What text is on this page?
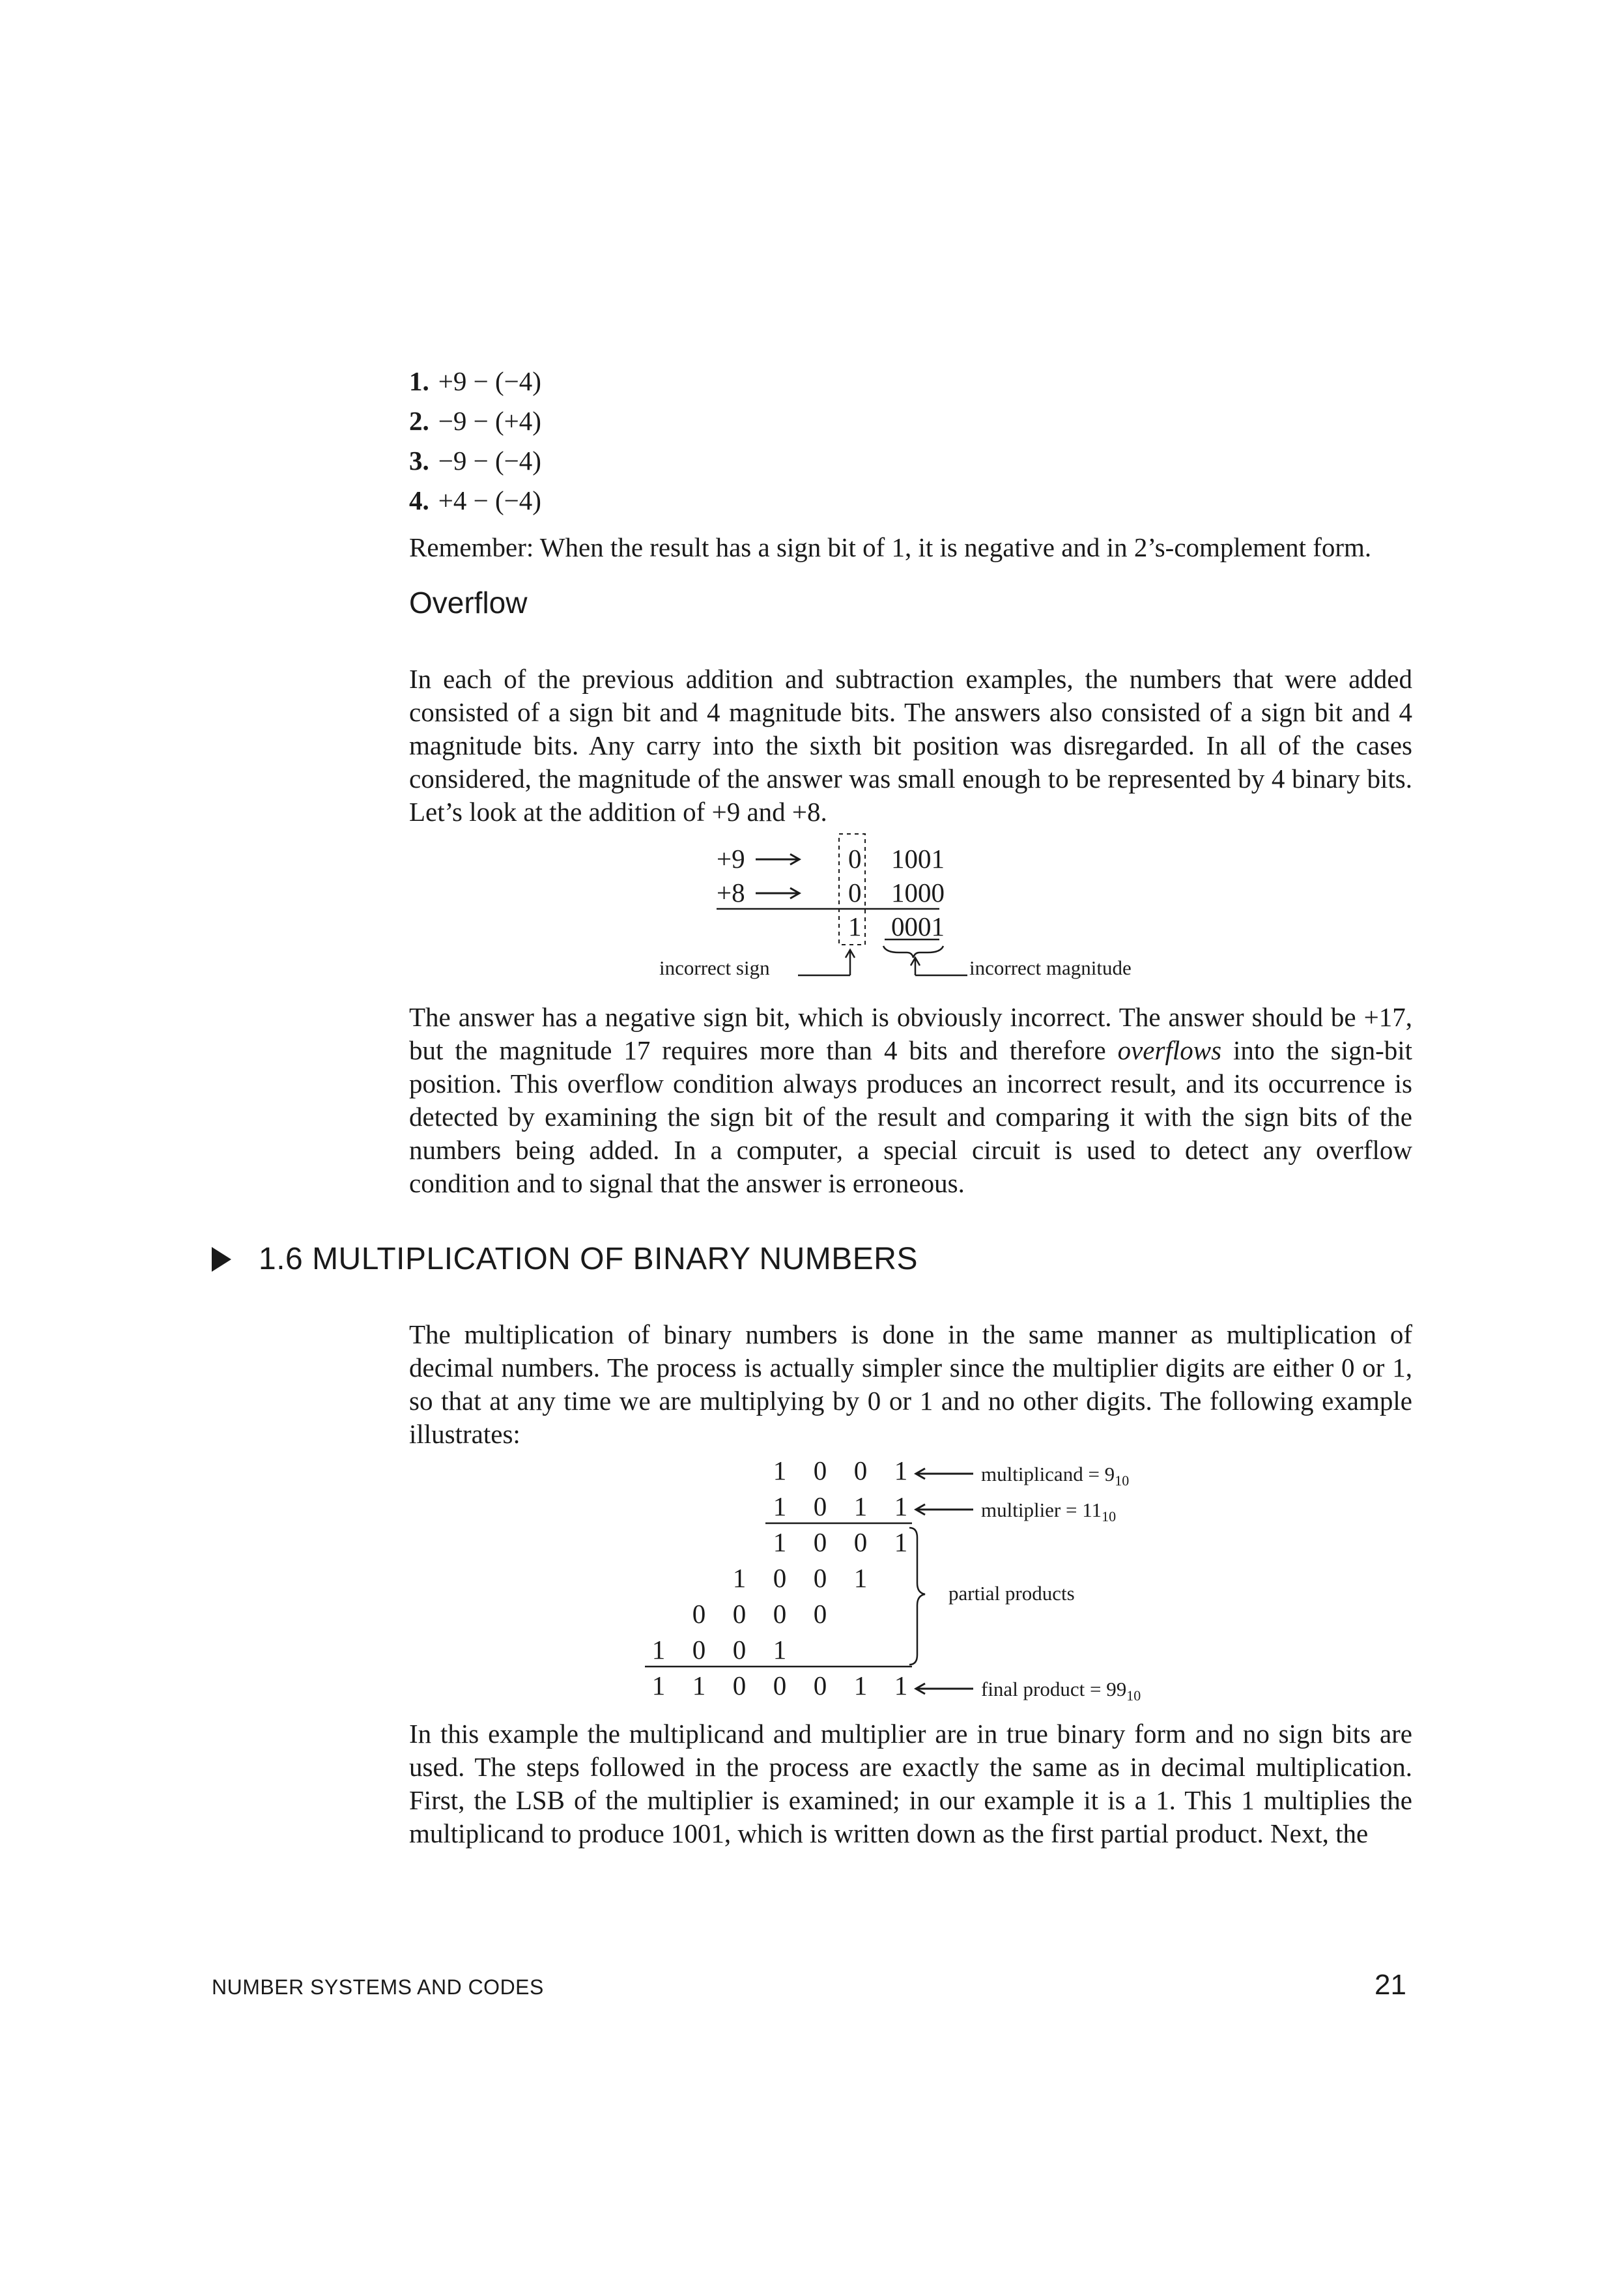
1. +9 − (−4)
2. −9 − (+4)
3. −9 − (−4)
4. +4 − (−4)
Remember: When the result has a sign bit of 1, it is negative and in 2’s-complement form.
Overflow
In each of the previous addition and subtraction examples, the numbers that were added consisted of a sign bit and 4 magnitude bits. The answers also consisted of a sign bit and 4 magnitude bits. Any carry into the sixth bit position was disregarded. In all of the cases considered, the magnitude of the answer was small enough to be represented by 4 binary bits. Let’s look at the addition of +9 and +8.
+9
+8
0
0
1
1001
1000
0001
incorrect sign	incorrect magnitude
The answer has a negative sign bit, which is obviously incorrect. The answer should be +17, but the magnitude 17 requires more than 4 bits and therefore overflows into the sign-bit position. This overflow condition always produces an incorrect result, and its occurrence is detected by examining the sign bit of the result and comparing it with the sign bits of the numbers being added. In a computer, a special circuit is used to detect any overflow condition and to signal that the answer is erroneous.
1.6 MULTIPLICATION OF BINARY NUMBERS
The multiplication of binary numbers is done in the same manner as multiplication of decimal numbers. The process is actually simpler since the multiplier digits are either 0 or 1, so that at any time we are multiplying by 0 or 1 and no other digits. The following example illustrates:
1 0 0 1
1 0 1 1
1 0 0 1
1 0 0 1
0 0 0 0
1 0 0 1
1 1 0 0 0 1 1
multiplicand = $9_{10}$
multiplier = $11_{10}$
partial products
final product = $99_{10}$
In this example the multiplicand and multiplier are in true binary form and no sign bits are used. The steps followed in the process are exactly the same as in decimal multiplication. First, the LSB of the multiplier is examined; in our example it is a 1. This 1 multiplies the multiplicand to produce 1001, which is written down as the first partial product. Next, the
NUMBER SYSTEMS AND CODES	21
